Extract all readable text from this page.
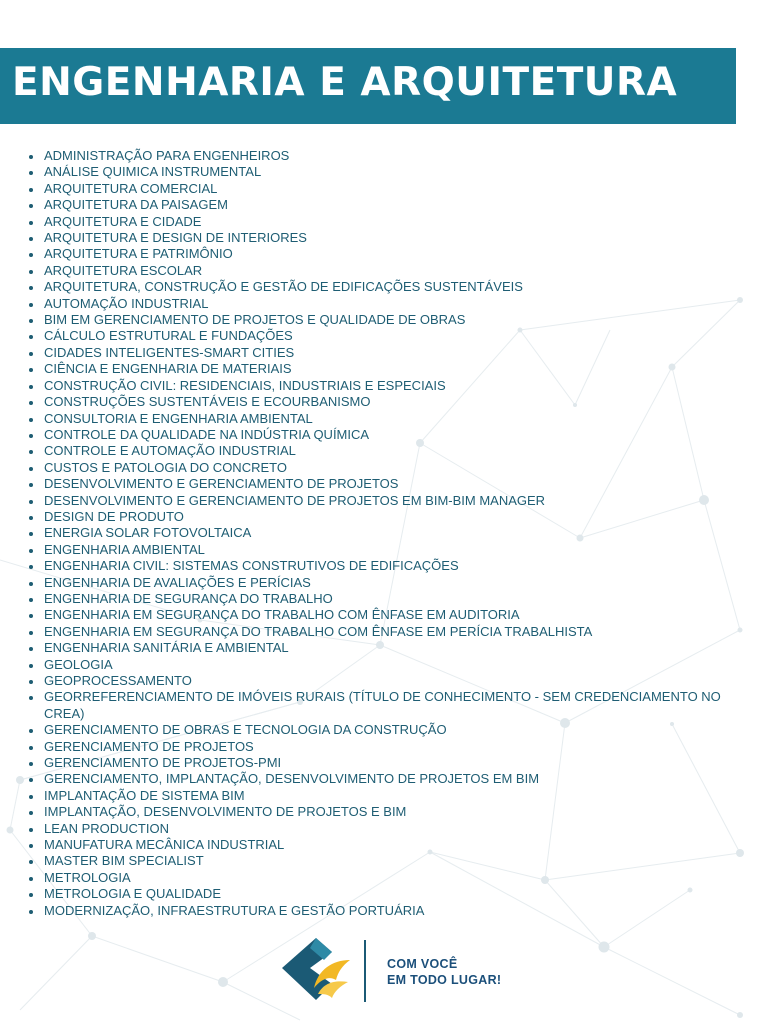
ENGENHARIA E ARQUITETURA
ADMINISTRAÇÃO PARA ENGENHEIROS
ANÁLISE QUIMICA INSTRUMENTAL
ARQUITETURA COMERCIAL
ARQUITETURA DA PAISAGEM
ARQUITETURA E CIDADE
ARQUITETURA E DESIGN DE INTERIORES
ARQUITETURA E PATRIMÔNIO
ARQUITETURA ESCOLAR
ARQUITETURA, CONSTRUÇÃO E GESTÃO DE EDIFICAÇÕES SUSTENTÁVEIS
AUTOMAÇÃO INDUSTRIAL
BIM EM GERENCIAMENTO DE PROJETOS E QUALIDADE DE OBRAS
CÁLCULO ESTRUTURAL E FUNDAÇÕES
CIDADES INTELIGENTES-SMART CITIES
CIÊNCIA E ENGENHARIA DE MATERIAIS
CONSTRUÇÃO CIVIL: RESIDENCIAIS, INDUSTRIAIS E ESPECIAIS
CONSTRUÇÕES SUSTENTÁVEIS E ECOURBANISMO
CONSULTORIA E ENGENHARIA AMBIENTAL
CONTROLE DA QUALIDADE NA INDÚSTRIA QUÍMICA
CONTROLE E AUTOMAÇÃO INDUSTRIAL
CUSTOS E PATOLOGIA DO CONCRETO
DESENVOLVIMENTO E GERENCIAMENTO DE PROJETOS
DESENVOLVIMENTO E GERENCIAMENTO DE PROJETOS EM BIM-BIM MANAGER
DESIGN DE PRODUTO
ENERGIA SOLAR FOTOVOLTAICA
ENGENHARIA AMBIENTAL
ENGENHARIA CIVIL: SISTEMAS CONSTRUTIVOS DE EDIFICAÇÕES
ENGENHARIA DE AVALIAÇÕES E PERÍCIAS
ENGENHARIA DE SEGURANÇA DO TRABALHO
ENGENHARIA EM SEGURANÇA DO TRABALHO COM ÊNFASE EM AUDITORIA
ENGENHARIA EM SEGURANÇA DO TRABALHO COM ÊNFASE EM PERÍCIA TRABALHISTA
ENGENHARIA SANITÁRIA E AMBIENTAL
GEOLOGIA
GEOPROCESSAMENTO
GEORREFERENCIAMENTO DE IMÓVEIS RURAIS (TÍTULO DE CONHECIMENTO - SEM CREDENCIAMENTO NO CREA)
GERENCIAMENTO DE OBRAS E TECNOLOGIA DA CONSTRUÇÃO
GERENCIAMENTO DE PROJETOS
GERENCIAMENTO DE PROJETOS-PMI
GERENCIAMENTO, IMPLANTAÇÃO, DESENVOLVIMENTO DE PROJETOS EM BIM
IMPLANTAÇÃO DE SISTEMA BIM
IMPLANTAÇÃO, DESENVOLVIMENTO DE PROJETOS E BIM
LEAN PRODUCTION
MANUFATURA MECÂNICA INDUSTRIAL
MASTER BIM SPECIALIST
METROLOGIA
METROLOGIA E QUALIDADE
MODERNIZAÇÃO, INFRAESTRUTURA E GESTÃO PORTUÁRIA
COM VOCÊ
EM TODO LUGAR!
